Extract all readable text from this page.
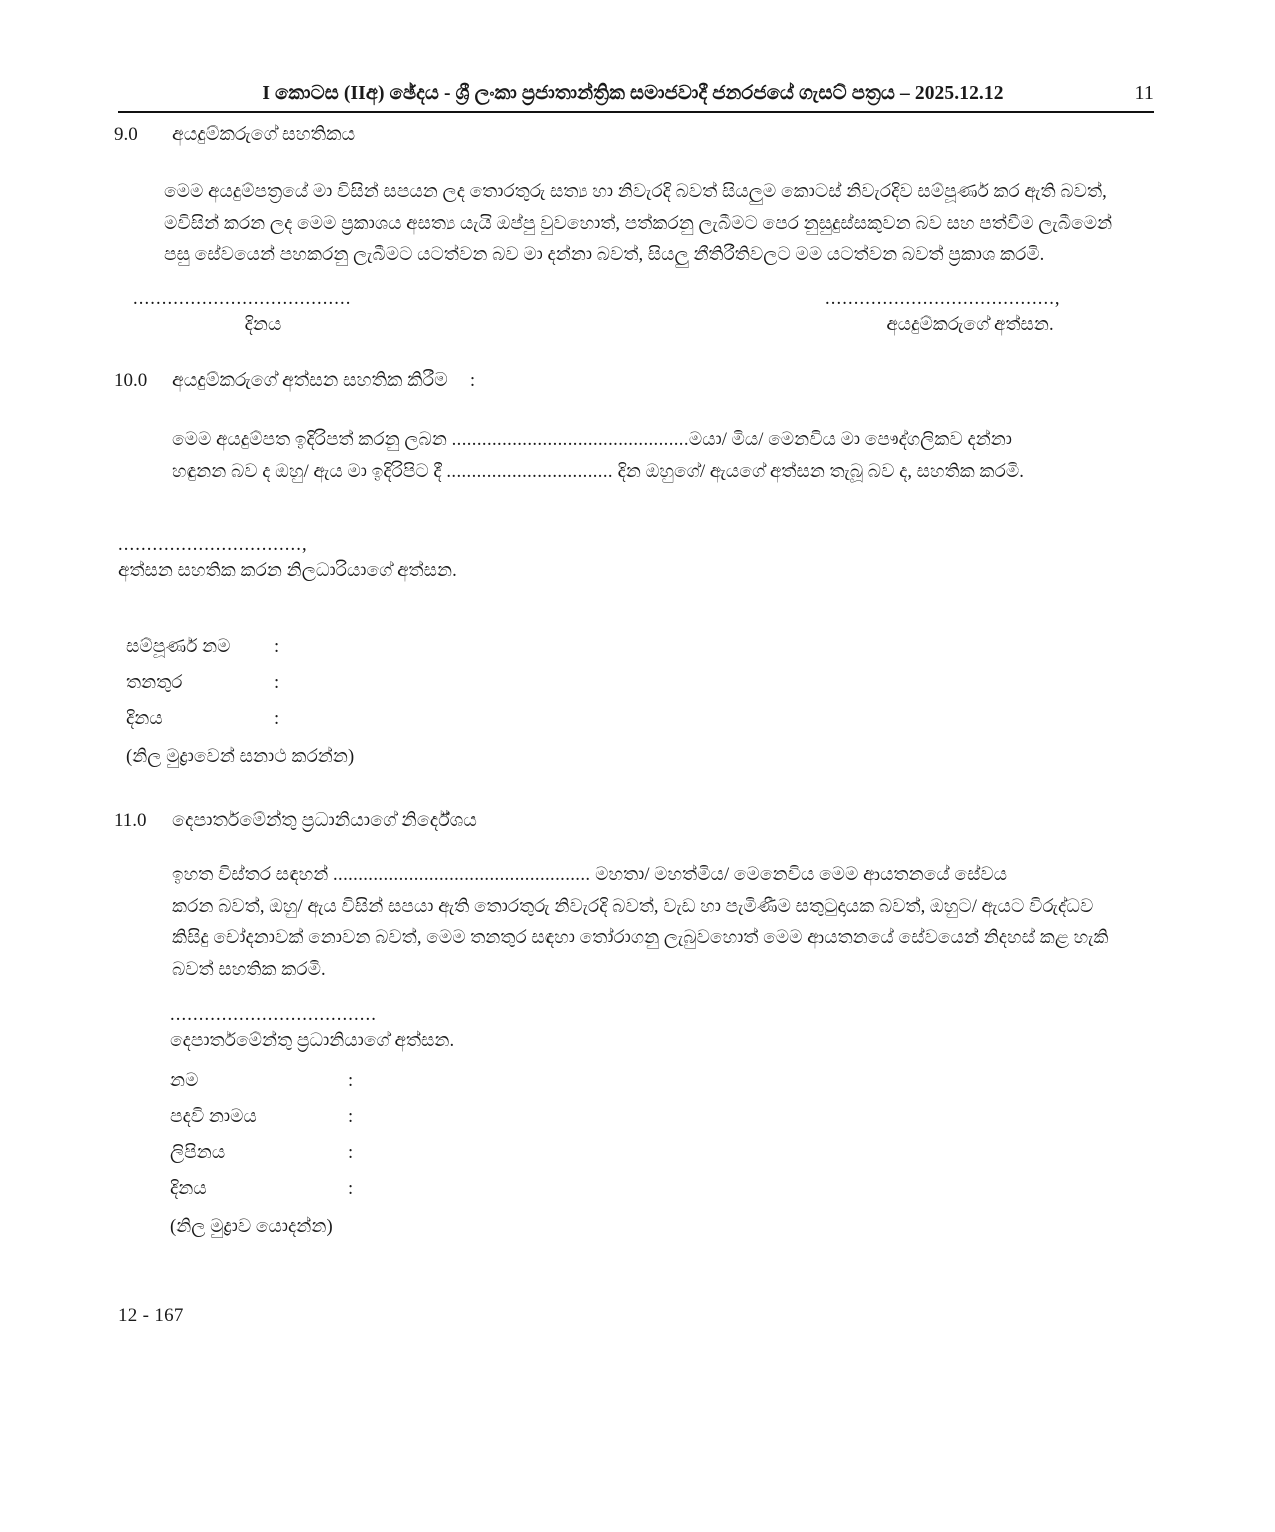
I කොටස (IIඅ) ඡේදය - ශ්‍රී ලංකා ප්‍රජාතාන්ත්‍රික සමාජවාදී ජනරජයේ ගැසට් පත්‍රය – 2025.12.12	11
9.0	අයදුම්කරුගේ සහතිකය
මෙම අයදුම්පත්‍රයේ මා විසින් සපයන ලද තොරතුරු සත්‍ය හා නිවැරදි බවත් සියලුම කොටස් නිවැරදිව සම්පූර්ණ කර ඇති බවත්,
මවිසින් කරන ලද මෙම ප්‍රකාශය අසත්‍ය යැයි ඔප්පු වුවහොත්, පත්කරනු ලැබීමට පෙර නුසුදුස්සකුවන බව සහ පත්වීම ලැබීමෙන්
පසු සේවයෙන් පහකරනු ලැබීමට යටත්වන බව මා දන්නා බවත්, සියලු නීතිරීතිවලට මම යටත්වන බවත් ප්‍රකාශ කරමි.
......................................
දිනය
........................................,
අයදුම්කරුගේ අත්සන.
10.0	අයදුම්කරුගේ අත්සන සහතික කිරීම	:
මෙම අයදුම්පත ඉදිරිපත් කරනු ලබන ...............................................මයා/ මිය/ මෙනවිය මා පෞද්ගලිකව දන්නා
හඳුනන බව ද ඔහු/ ඇය මා ඉදිරිපිට දී ................................. දින ඔහුගේ/ ඇයගේ අත්සන තැබූ බව ද, සහතික කරමි.
................................,
අත්සන සහතික කරන නිලධාරියාගේ අත්සන.
සම්පූර්ණ නම	:
තනතුර	:
දිනය	:
(නිල මුද්‍රාවෙන් සනාථ කරන්න)
11.0	දෙපාර්තමේන්තු ප්‍රධානියාගේ නිර්දේශය
ඉහත විස්තර සඳහන් ................................................... මහතා/ මහත්මිය/ මෙනෙවිය මෙම ආයතනයේ සේවය
කරන බවත්, ඔහු/ ඇය විසින් සපයා ඇති තොරතුරු නිවැරදි බවත්, වැඩ හා පැමිණීම සතුටුදායක බවත්, ඔහුට/ ඇයට විරුද්ධව
කිසිදු චෝදනාවක් නොවන බවත්, මෙම තනතුර සඳහා තෝරාගනු ලැබුවහොත් මෙම ආයතනයේ සේවයෙන් නිදහස් කළ හැකි
බවත් සහතික කරමි.
....................................
දෙපාර්තමේන්තු ප්‍රධානියාගේ අත්සන.
නම	:
පදවි නාමය	:
ලිපිනය	:
දිනය	:
(නිල මුද්‍රාව යොදන්න)
12 - 167
